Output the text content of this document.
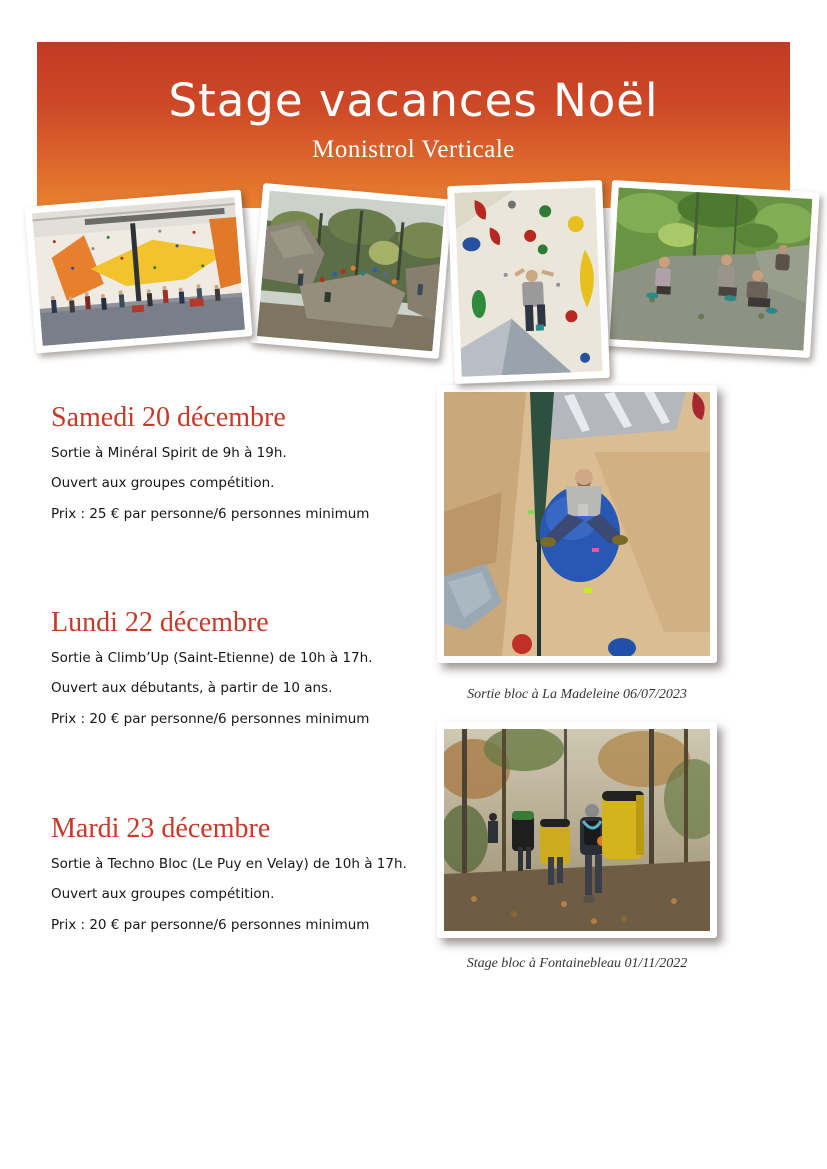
Stage vacances Noël
Monistrol Verticale
Samedi 20 décembre

Sortie à Minéral Spirit de 9h à 19h.

Ouvert aux groupes compétition.

Prix : 25 € par personne/6 personnes minimum

Lundi 22 décembre

Sortie à Climb’Up (Saint-Etienne) de 10h à 17h.

Ouvert aux débutants, à partir de 10 ans.

Prix : 20 € par personne/6 personnes minimum

Mardi 23 décembre

Sortie à Techno Bloc (Le Puy en Velay) de 10h à 17h.

Ouvert aux groupes compétition.

Prix : 20 € par personne/6 personnes minimum

Sortie bloc à La Madeleine 06/07/2023
Stage bloc à Fontainebleau 01/11/2022
